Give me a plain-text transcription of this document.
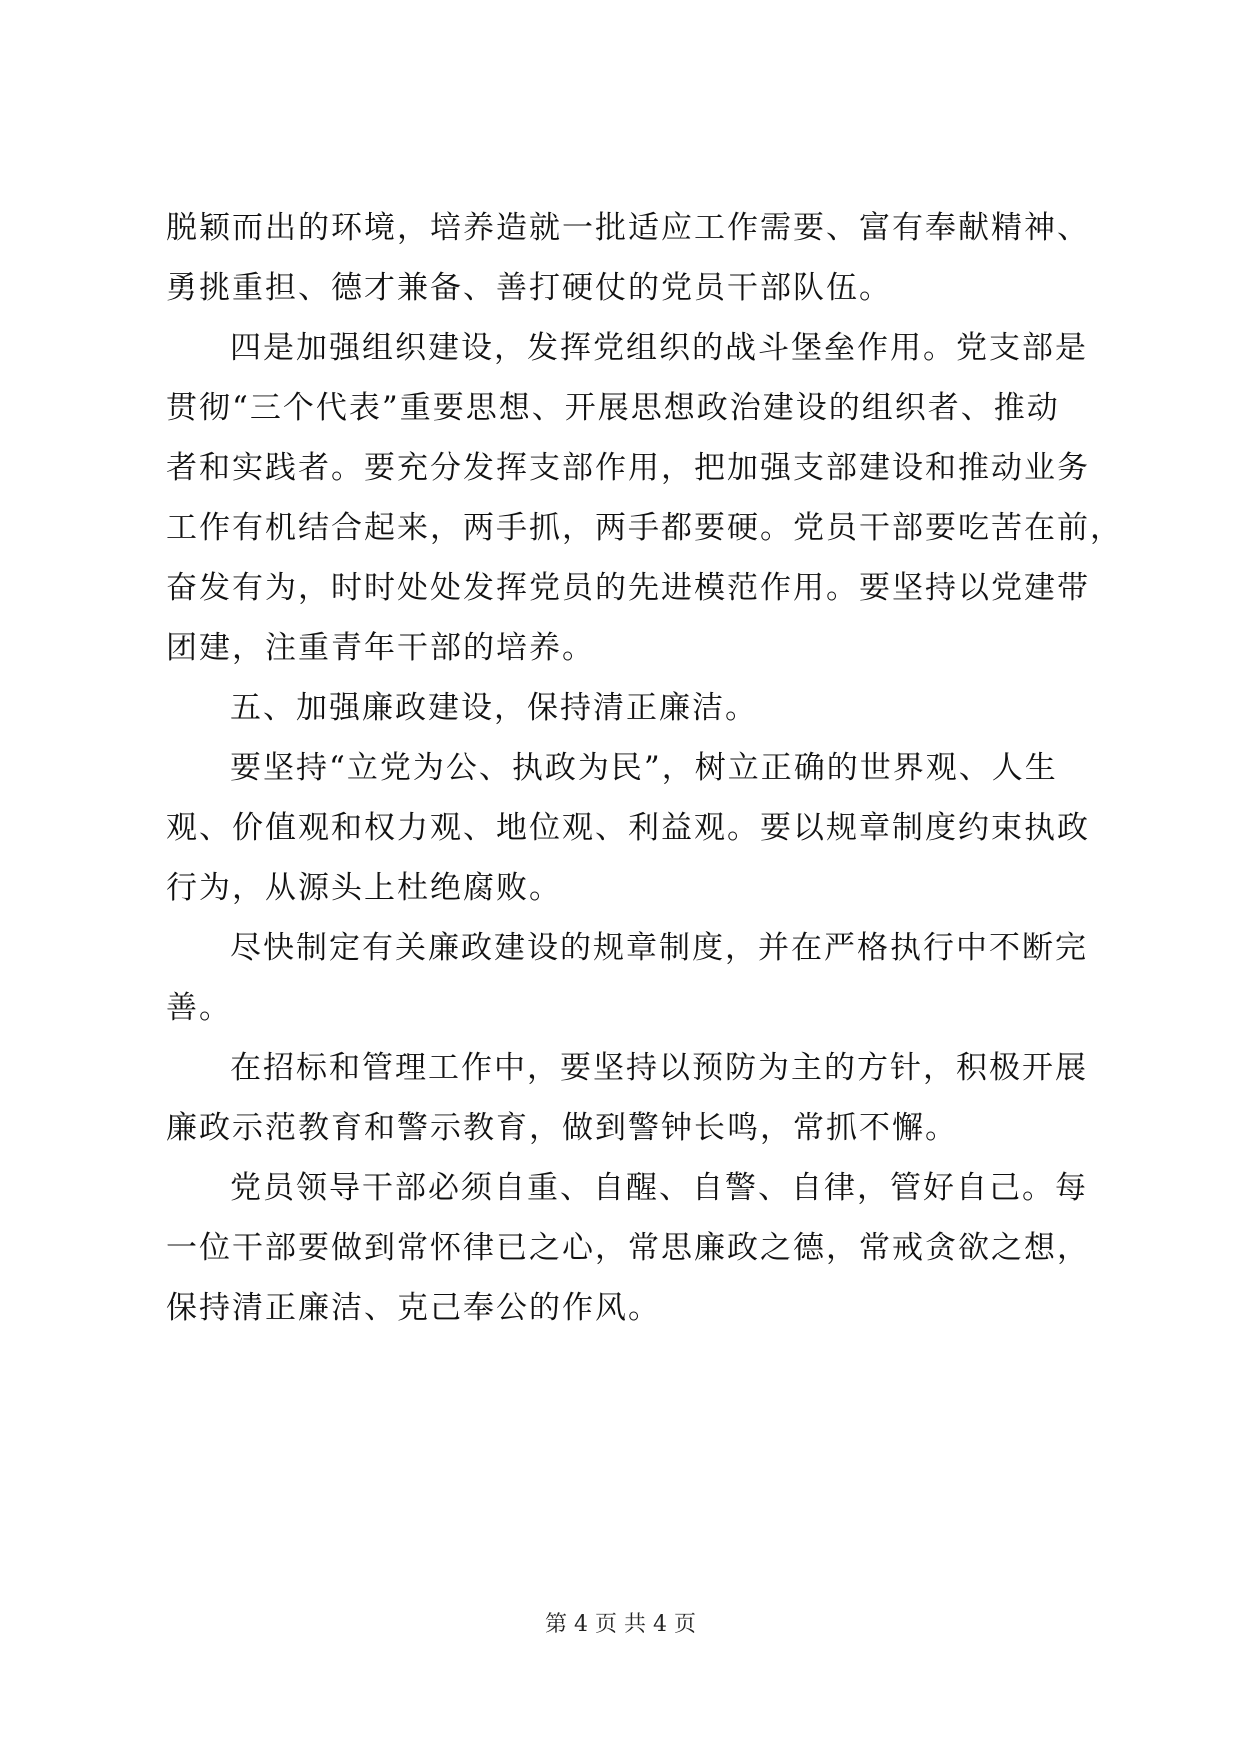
脱颖而出的环境，培养造就一批适应工作需要、富有奉献精神、
勇挑重担、德才兼备、善打硬仗的党员干部队伍。
四是加强组织建设，发挥党组织的战斗堡垒作用。党支部是
贯彻“三个代表”重要思想、开展思想政治建设的组织者、推动
者和实践者。要充分发挥支部作用，把加强支部建设和推动业务
工作有机结合起来，两手抓，两手都要硬。党员干部要吃苦在前，
奋发有为，时时处处发挥党员的先进模范作用。要坚持以党建带
团建，注重青年干部的培养。
五、加强廉政建设，保持清正廉洁。
要坚持“立党为公、执政为民”，树立正确的世界观、人生
观、价值观和权力观、地位观、利益观。要以规章制度约束执政
行为，从源头上杜绝腐败。
尽快制定有关廉政建设的规章制度，并在严格执行中不断完
善。
在招标和管理工作中，要坚持以预防为主的方针，积极开展
廉政示范教育和警示教育，做到警钟长鸣，常抓不懈。
党员领导干部必须自重、自醒、自警、自律，管好自己。每
一位干部要做到常怀律已之心，常思廉政之德，常戒贪欲之想，
保持清正廉洁、克己奉公的作风。
第 4 页 共 4 页
